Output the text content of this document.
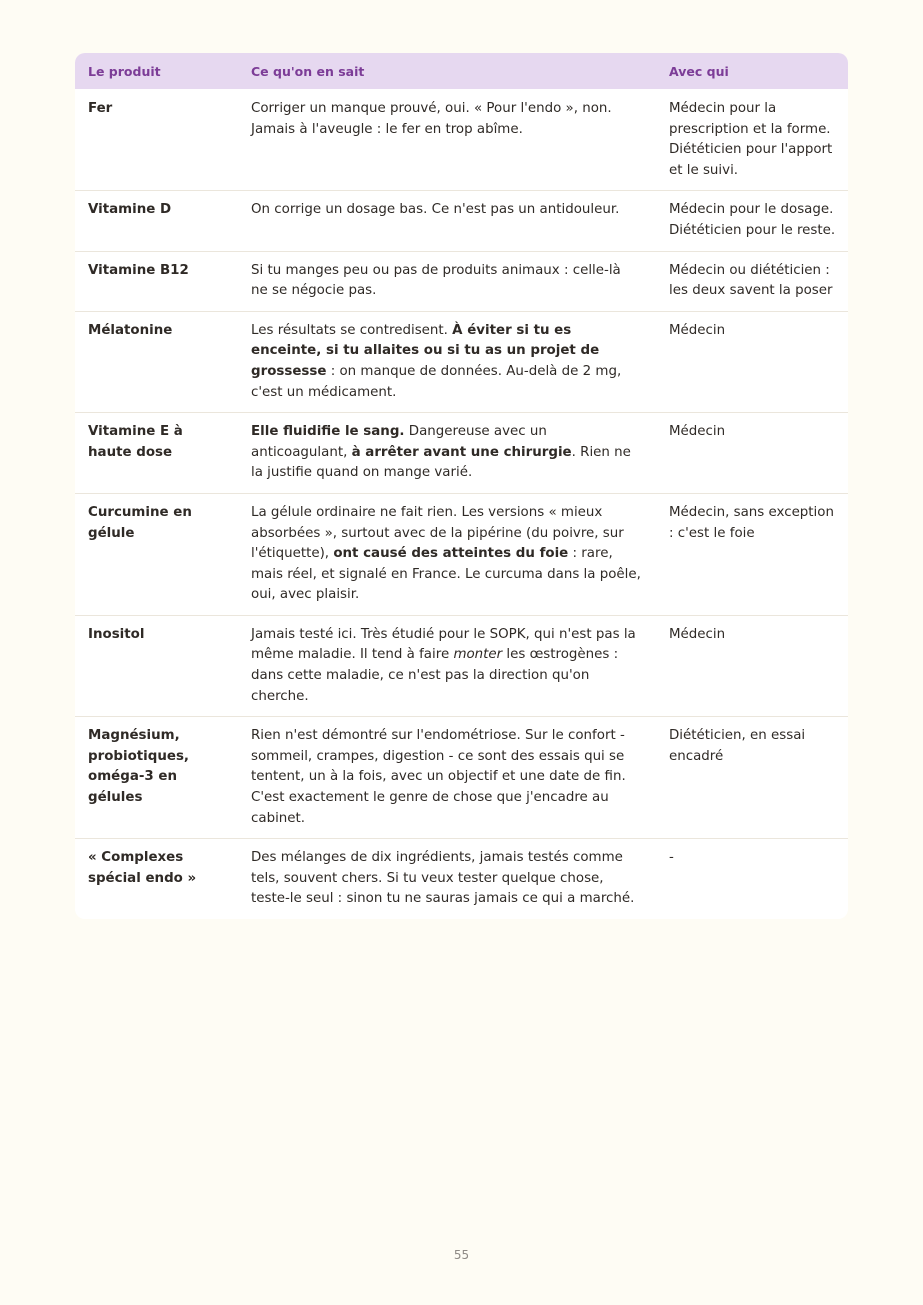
Le produit	Ce qu'on en sait	Avec qui
Fer	Corriger un manque prouvé, oui. « Pour l'endo », non. Jamais à l'aveugle : le fer en trop abîme.	Médecin pour la prescription et la forme. Diététicien pour l'apport et le suivi.
Vitamine D	On corrige un dosage bas. Ce n'est pas un antidouleur.	Médecin pour le dosage. Diététicien pour le reste.
Vitamine B12	Si tu manges peu ou pas de produits animaux : celle-là ne se négocie pas.	Médecin ou diététicien : les deux savent la poser
Mélatonine	Les résultats se contredisent. À éviter si tu es enceinte, si tu allaites ou si tu as un projet de grossesse : on manque de données. Au-delà de 2 mg, c'est un médicament.	Médecin
Vitamine E à haute dose	Elle fluidifie le sang. Dangereuse avec un anticoagulant, à arrêter avant une chirurgie. Rien ne la justifie quand on mange varié.	Médecin
Curcumine en gélule	La gélule ordinaire ne fait rien. Les versions « mieux absorbées », surtout avec de la pipérine (du poivre, sur l'étiquette), ont causé des atteintes du foie : rare, mais réel, et signalé en France. Le curcuma dans la poêle, oui, avec plaisir.	Médecin, sans exception : c'est le foie
Inositol	Jamais testé ici. Très étudié pour le SOPK, qui n'est pas la même maladie. Il tend à faire monter les œstrogènes : dans cette maladie, ce n'est pas la direction qu'on cherche.	Médecin
Magnésium, probiotiques, oméga-3 en gélules	Rien n'est démontré sur l'endométriose. Sur le confort - sommeil, crampes, digestion - ce sont des essais qui se tentent, un à la fois, avec un objectif et une date de fin. C'est exactement le genre de chose que j'encadre au cabinet.	Diététicien, en essai encadré
« Complexes spécial endo »	Des mélanges de dix ingrédients, jamais testés comme tels, souvent chers. Si tu veux tester quelque chose, teste-le seul : sinon tu ne sauras jamais ce qui a marché.	-
55
